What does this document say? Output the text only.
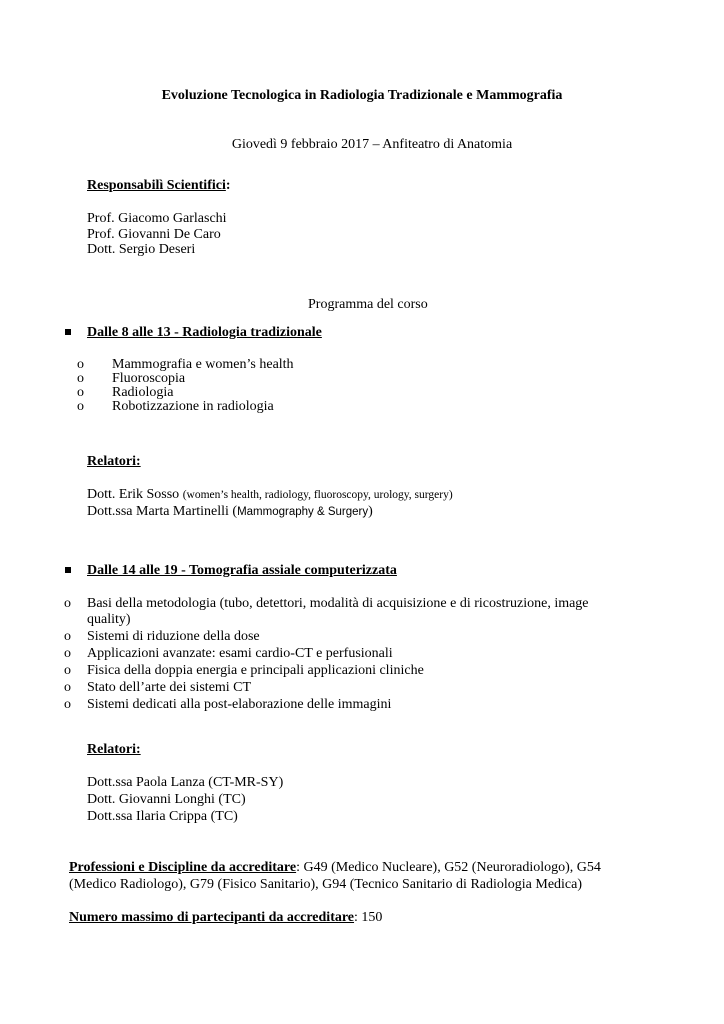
Evoluzione Tecnologica in Radiologia Tradizionale e Mammografia
Giovedì 9 febbraio 2017 – Anfiteatro di Anatomia
Responsabilì Scientifici:
Prof. Giacomo Garlaschi
Prof. Giovanni De Caro
Dott. Sergio Deseri
Programma del corso
Dalle 8 alle 13 - Radiologia tradizionale
o Mammografia e women’s health
o Fluoroscopia
o Radiologia
o Robotizzazione in radiologia
Relatori:
Dott. Erik Sosso (women’s health, radiology, fluoroscopy, urology, surgery)
Dott.ssa Marta Martinelli (Mammography & Surgery)
Dalle 14 alle 19 - Tomografia assiale computerizzata
o Basi della metodologia (tubo, detettori, modalità di acquisizione e di ricostruzione, image quality)
o Sistemi di riduzione della dose
o Applicazioni avanzate: esami cardio-CT e perfusionali
o Fisica della doppia energia e principali applicazioni cliniche
o Stato dell’arte dei sistemi CT
o Sistemi dedicati alla post-elaborazione delle immagini
Relatori:
Dott.ssa Paola Lanza (CT-MR-SY)
Dott. Giovanni Longhi (TC)
Dott.ssa Ilaria Crippa (TC)
Professioni e Discipline da accreditare: G49 (Medico Nucleare), G52 (Neuroradiologo), G54 (Medico Radiologo), G79 (Fisico Sanitario), G94 (Tecnico Sanitario di Radiologia Medica)
Numero massimo di partecipanti da accreditare: 150
